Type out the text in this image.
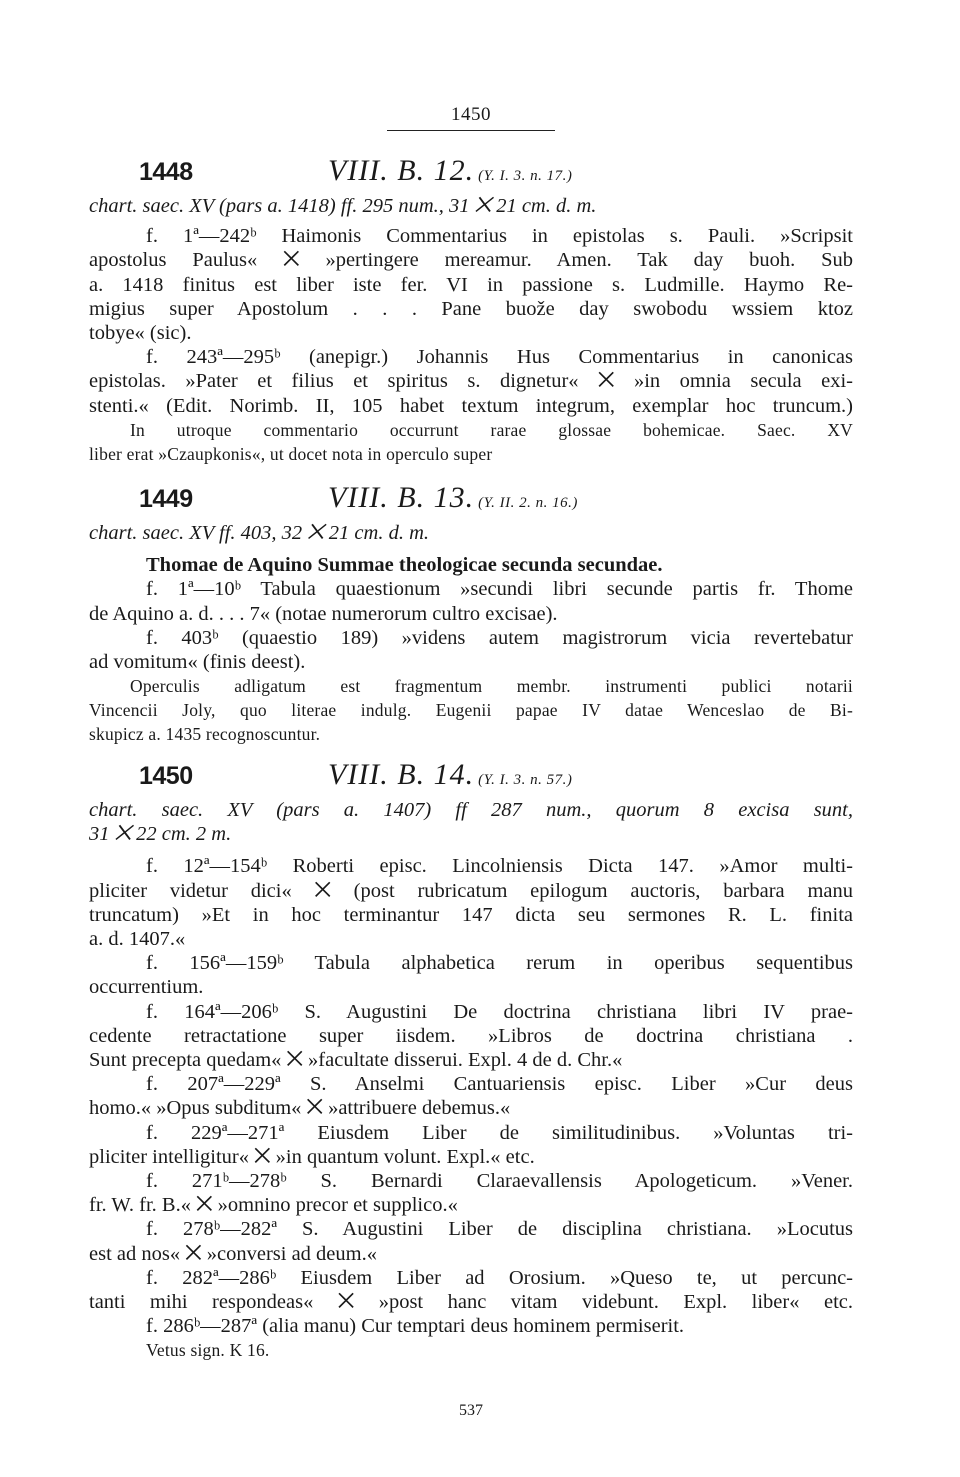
1450
1448	VIII. B. 12. (Y. I. 3. n. 17.)
chart. saec. XV (pars a. 1418) ff. 295 num., 31 ⨉ 21 cm. d. m.
f. 1ª—242ᵇ Haimonis Commentarius in epistolas s. Pauli. »Scripsit
apostolus Paulus« ⨉ »pertingere mereamur. Amen. Tak day buoh. Sub
a. 1418 finitus est liber iste fer. VI in passione s. Ludmille. Haymo Re-
migius super Apostolum . . . Pane buože day swobodu wssiem ktoz
tobye« (sic).
f. 243ª—295ᵇ (anepigr.) Johannis Hus Commentarius in canonicas
epistolas. »Pater et filius et spiritus s. dignetur« ⨉ »in omnia secula exi-
stenti.« (Edit. Norimb. II, 105 habet textum integrum, exemplar hoc truncum.)
In utroque commentario occurrunt rarae glossae bohemicae. Saec. XV
liber erat »Czaupkonis«, ut docet nota in operculo super
1449	VIII. B. 13. (Y. II. 2. n. 16.)
chart. saec. XV ff. 403, 32 ⨉ 21 cm. d. m.
Thomae de Aquino Summae theologicae secunda secundae.
f. 1ª—10ᵇ Tabula quaestionum »secundi libri secunde partis fr. Thome
de Aquino a. d. . . . 7« (notae numerorum cultro excisae).
f. 403ᵇ (quaestio 189) »videns autem magistrorum vicia revertebatur
ad vomitum« (finis deest).
Operculis adligatum est fragmentum membr. instrumenti publici notarii
Vincencii Joly, quo literae indulg. Eugenii papae IV datae Wenceslao de Bi-
skupicz a. 1435 recognoscuntur.
1450	VIII. B. 14. (Y. I. 3. n. 57.)
chart. saec. XV (pars a. 1407) ff 287 num., quorum 8 excisa sunt,
31 ⨉ 22 cm. 2 m.
f. 12ª—154ᵇ Roberti episc. Lincolniensis Dicta 147. »Amor multi-
pliciter videtur dici« ⨉ (post rubricatum epilogum auctoris, barbara manu
truncatum) »Et in hoc terminantur 147 dicta seu sermones R. L. finita
a. d. 1407.«
f. 156ª—159ᵇ Tabula alphabetica rerum in operibus sequentibus
occurrentium.
f. 164ª—206ᵇ S. Augustini De doctrina christiana libri IV prae-
cedente retractatione super iisdem. »Libros de doctrina christiana .
Sunt precepta quedam« ⨉ »facultate disserui. Expl. 4 de d. Chr.«
f. 207ª—229ª S. Anselmi Cantuariensis episc. Liber »Cur deus
homo.« »Opus subditum« ⨉ »attribuere debemus.«
f. 229ª—271ª Eiusdem Liber de similitudinibus. »Voluntas tri-
pliciter intelligitur« ⨉ »in quantum volunt. Expl.« etc.
f. 271ᵇ—278ᵇ S. Bernardi Claraevallensis Apologeticum. »Vener.
fr. W. fr. B.« ⨉ »omnino precor et supplico.«
f. 278ᵇ—282ª S. Augustini Liber de disciplina christiana. »Locutus
est ad nos« ⨉ »conversi ad deum.«
f. 282ª—286ᵇ Eiusdem Liber ad Orosium. »Queso te, ut percunc-
tanti mihi respondeas« ⨉ »post hanc vitam videbunt. Expl. liber« etc.
f. 286ᵇ—287ª (alia manu) Cur temptari deus hominem permiserit.
Vetus sign. K 16.
537
